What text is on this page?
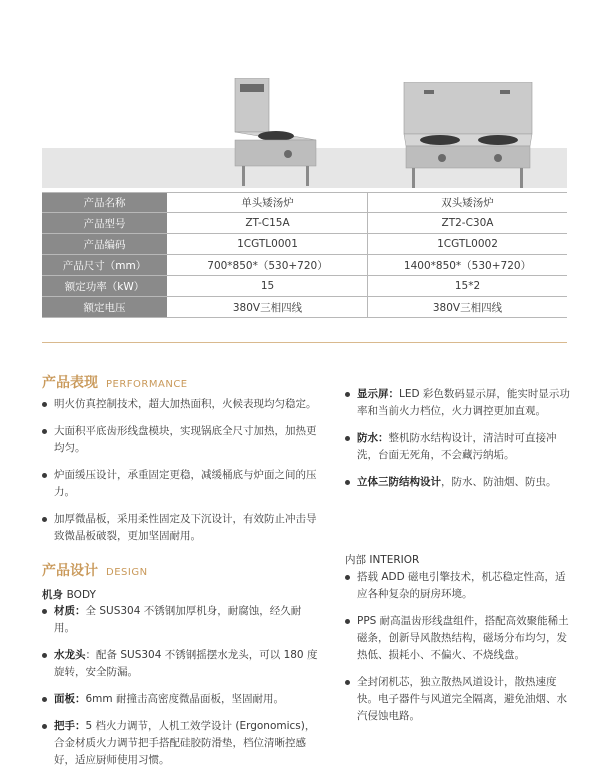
产品名称	单头矮汤炉	双头矮汤炉
产品型号	ZT-C15A	ZT2-C30A
产品编码	1CGTL0001	1CGTL0002
产品尺寸（mm）	700*850*（530+720）	1400*850*（530+720）
额定功率（kW）	15	15*2
额定电压	380V三相四线	380V三相四线
产品表现 PERFORMANCE
明火仿真控制技术，超大加热面积，火候表现均匀稳定。
大面积平底齿形线盘模块，实现锅底全尺寸加热，加热更均匀。
炉面缓压设计，承重固定更稳，减缓桶底与炉面之间的压力。
加厚微晶板，采用柔性固定及下沉设计，有效防止冲击导致微晶板破裂，更加坚固耐用。
产品设计 DESIGN
机身 BODY
材质：全 SUS304 不锈钢加厚机身，耐腐蚀，经久耐用。
水龙头：配备 SUS304 不锈钢摇摆水龙头，可以 180 度旋转，安全防漏。
面板：6mm 耐撞击高密度微晶面板，坚固耐用。
把手：5 档火力调节，人机工效学设计 (Ergonomics)，合金材质火力调节把手搭配硅胶防滑垫，档位清晰控感好，适应厨师使用习惯。
显示屏：LED 彩色数码显示屏，能实时显示功率和当前火力档位，火力调控更加直观。
防水：整机防水结构设计，清洁时可直接冲洗，台面无死角，不会藏污纳垢。
立体三防结构设计，防水、防油烟、防虫。
内部 INTERIOR
搭载 ADD 磁电引擎技术，机芯稳定性高，适应各种复杂的厨房环境。
PPS 耐高温齿形线盘组件，搭配高效聚能稀土磁条，创新导风散热结构，磁场分布均匀，发热低、损耗小、不偏火、不烧线盘。
全封闭机芯，独立散热风道设计，散热速度快。电子器件与风道完全隔离，避免油烟、水汽侵蚀电路。
